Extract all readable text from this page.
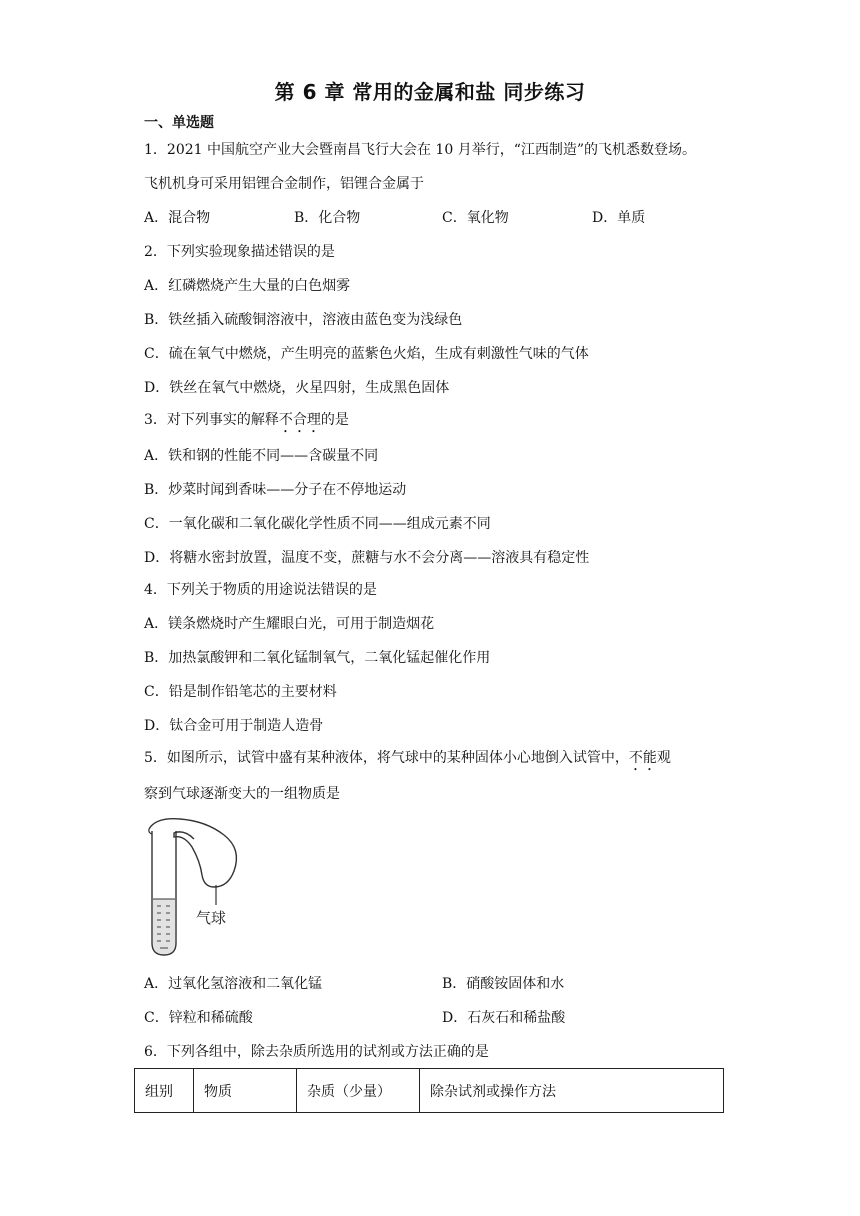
第 6 章 常用的金属和盐 同步练习
一、单选题
1．2021 中国航空产业大会暨南昌飞行大会在 10 月举行，“江西制造”的飞机悉数登场。
飞机机身可采用铝锂合金制作，铝锂合金属于
A．混合物	B．化合物	C．氧化物	D．单质
2．下列实验现象描述错误的是
A．红磷燃烧产生大量的白色烟雾
B．铁丝插入硫酸铜溶液中，溶液由蓝色变为浅绿色
C．硫在氧气中燃烧，产生明亮的蓝紫色火焰，生成有刺激性气味的气体
D．铁丝在氧气中燃烧，火星四射，生成黑色固体
3．对下列事实的解释不合理的是
A．铁和钢的性能不同——含碳量不同
B．炒菜时闻到香味——分子在不停地运动
C．一氧化碳和二氧化碳化学性质不同——组成元素不同
D．将糖水密封放置，温度不变，蔗糖与水不会分离——溶液具有稳定性
4．下列关于物质的用途说法错误的是
A．镁条燃烧时产生耀眼白光，可用于制造烟花
B．加热氯酸钾和二氧化锰制氧气，二氧化锰起催化作用
C．铅是制作铅笔芯的主要材料
D．钛合金可用于制造人造骨
5．如图所示，试管中盛有某种液体，将气球中的某种固体小心地倒入试管中，不能观
察到气球逐渐变大的一组物质是
气球
A．过氧化氢溶液和二氧化锰	B．硝酸铵固体和水
C．锌粒和稀硫酸	D．石灰石和稀盐酸
6．下列各组中，除去杂质所选用的试剂或方法正确的是
组别	物质	杂质（少量）	除杂试剂或操作方法
